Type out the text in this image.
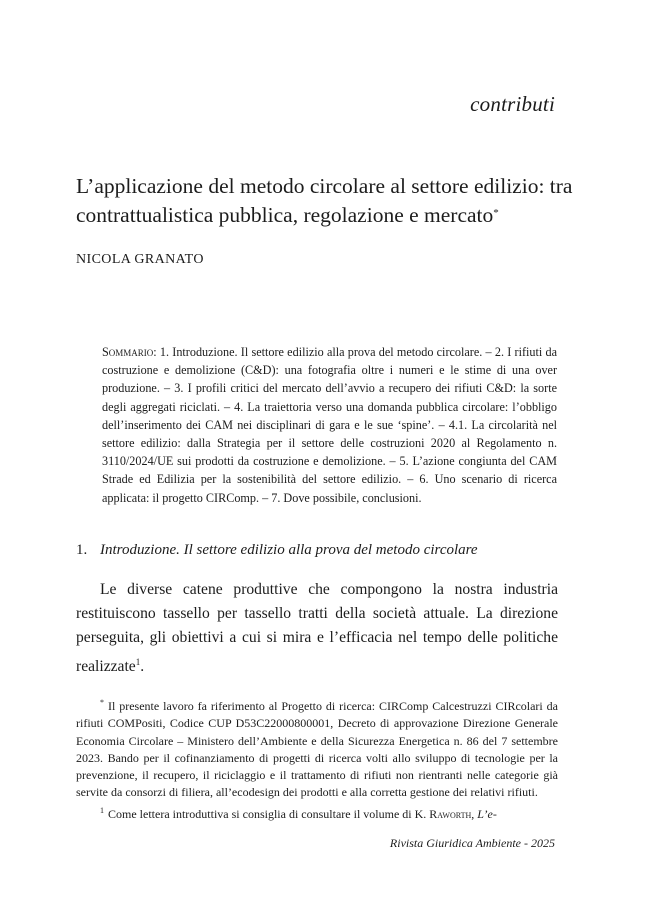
contributi
L’applicazione del metodo circolare al settore edilizio: tra contrattualistica pubblica, regolazione e mercato*
NICOLA GRANATO
Sommario: 1. Introduzione. Il settore edilizio alla prova del metodo circolare. – 2. I rifiuti da costruzione e demolizione (C&D): una fotografia oltre i numeri e le stime di una over produzione. – 3. I profili critici del mercato dell’avvio a recupero dei rifiuti C&D: la sorte degli aggregati riciclati. – 4. La traiettoria verso una domanda pubblica circolare: l’obbligo dell’inserimento dei CAM nei disciplinari di gara e le sue ‘spine’. – 4.1. La circolarità nel settore edilizio: dalla Strategia per il settore delle costruzioni 2020 al Regolamento n. 3110/2024/UE sui prodotti da costruzione e demolizione. – 5. L’azione congiunta del CAM Strade ed Edilizia per la sostenibilità del settore edilizio. – 6. Uno scenario di ricerca applicata: il progetto CIRComp. – 7. Dove possibile, conclusioni.
1. Introduzione. Il settore edilizio alla prova del metodo circolare
Le diverse catene produttive che compongono la nostra industria restituiscono tassello per tassello tratti della società attuale. La direzione perseguita, gli obiettivi a cui si mira e l’efficacia nel tempo delle politiche realizzate$^1$.
* Il presente lavoro fa riferimento al Progetto di ricerca: CIRComp Calcestruzzi CIRcolari da rifiuti COMPositi, Codice CUP D53C22000800001, Decreto di approvazione Direzione Generale Economia Circolare – Ministero dell’Ambiente e della Sicurezza Energetica n. 86 del 7 settembre 2023. Bando per il cofinanziamento di progetti di ricerca volti allo sviluppo di tecnologie per la prevenzione, il recupero, il riciclaggio e il trattamento di rifiuti non rientranti nelle categorie già servite da consorzi di filiera, all’ecodesign dei prodotti e alla corretta gestione dei relativi rifiuti.
$^1$ Come lettera introduttiva si consiglia di consultare il volume di K. Raworth, L’e-
Rivista Giuridica Ambiente - 2025
